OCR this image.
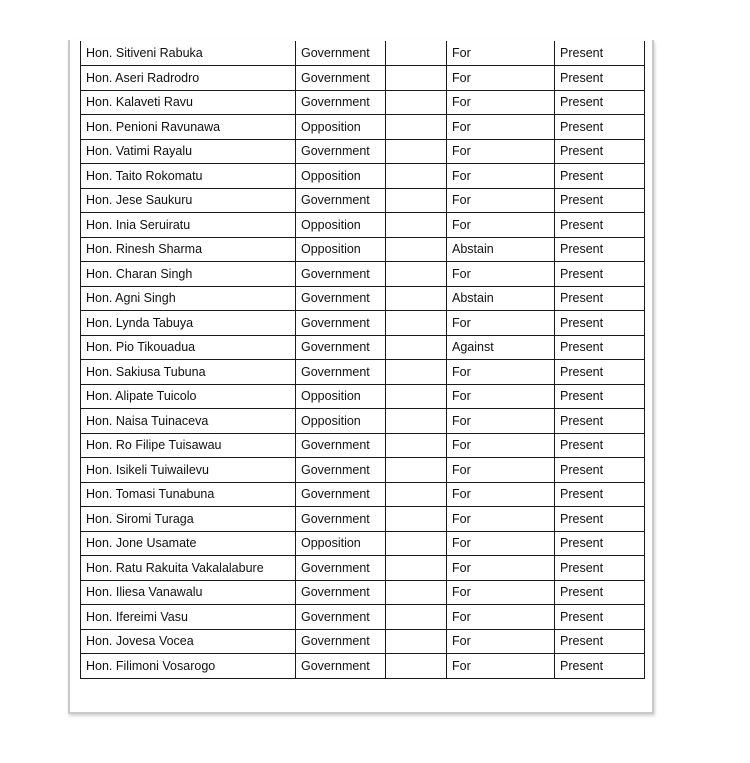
Hon. Sitiveni Rabuka	Government		For	Present
Hon. Aseri Radrodro	Government		For	Present
Hon. Kalaveti Ravu	Government		For	Present
Hon. Penioni Ravunawa	Opposition		For	Present
Hon. Vatimi Rayalu	Government		For	Present
Hon. Taito Rokomatu	Opposition		For	Present
Hon. Jese Saukuru	Government		For	Present
Hon. Inia Seruiratu	Opposition		For	Present
Hon. Rinesh Sharma	Opposition		Abstain	Present
Hon. Charan Singh	Government		For	Present
Hon. Agni Singh	Government		Abstain	Present
Hon. Lynda Tabuya	Government		For	Present
Hon. Pio Tikouadua	Government		Against	Present
Hon. Sakiusa Tubuna	Government		For	Present
Hon. Alipate Tuicolo	Opposition		For	Present
Hon. Naisa Tuinaceva	Opposition		For	Present
Hon. Ro Filipe Tuisawau	Government		For	Present
Hon. Isikeli Tuiwailevu	Government		For	Present
Hon. Tomasi Tunabuna	Government		For	Present
Hon. Siromi Turaga	Government		For	Present
Hon. Jone Usamate	Opposition		For	Present
Hon. Ratu Rakuita Vakalalabure	Government		For	Present
Hon. Iliesa Vanawalu	Government		For	Present
Hon. Ifereimi Vasu	Government		For	Present
Hon. Jovesa Vocea	Government		For	Present
Hon. Filimoni Vosarogo	Government		For	Present
